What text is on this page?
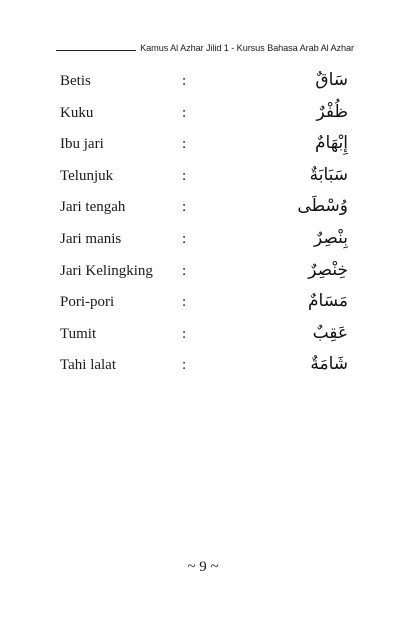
Kamus Al Azhar Jilid 1 - Kursus Bahasa Arab Al Azhar
Betis	:	سَاقٌ
Kuku	:	ظُفْرٌ
Ibu jari	:	إِبْهَامٌ
Telunjuk	:	سَبَابَةٌ
Jari tengah	:	وُسْطَى
Jari manis	:	بِنْصِرٌ
Jari Kelingking :	خِنْصِرٌ
Pori-pori	:	مَسَامٌ
Tumit	:	عَقِبٌ
Tahi lalat	:	شَامَةٌ
~ 9 ~
